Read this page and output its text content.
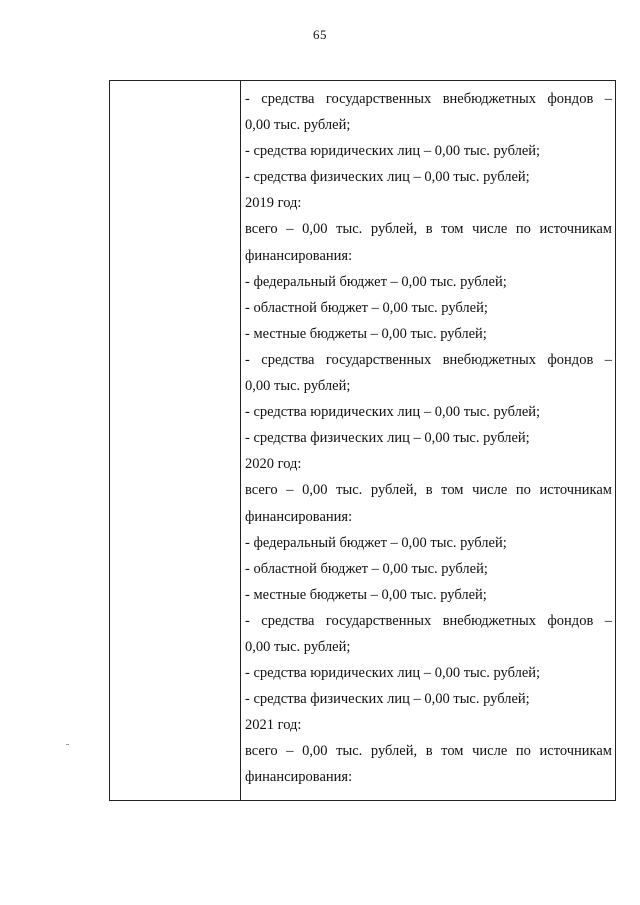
65
- средства государственных внебюджетных фондов –
0,00 тыс. рублей;
- средства юридических лиц – 0,00 тыс. рублей;
- средства физических лиц – 0,00 тыс. рублей;
2019 год:
всего – 0,00 тыс. рублей, в том числе по источникам
финансирования:
- федеральный бюджет – 0,00 тыс. рублей;
- областной бюджет – 0,00 тыс. рублей;
- местные бюджеты – 0,00 тыс. рублей;
- средства государственных внебюджетных фондов –
0,00 тыс. рублей;
- средства юридических лиц – 0,00 тыс. рублей;
- средства физических лиц – 0,00 тыс. рублей;
2020 год:
всего – 0,00 тыс. рублей, в том числе по источникам
финансирования:
- федеральный бюджет – 0,00 тыс. рублей;
- областной бюджет – 0,00 тыс. рублей;
- местные бюджеты – 0,00 тыс. рублей;
- средства государственных внебюджетных фондов –
0,00 тыс. рублей;
- средства юридических лиц – 0,00 тыс. рублей;
- средства физических лиц – 0,00 тыс. рублей;
2021 год:
всего – 0,00 тыс. рублей, в том числе по источникам
финансирования:
